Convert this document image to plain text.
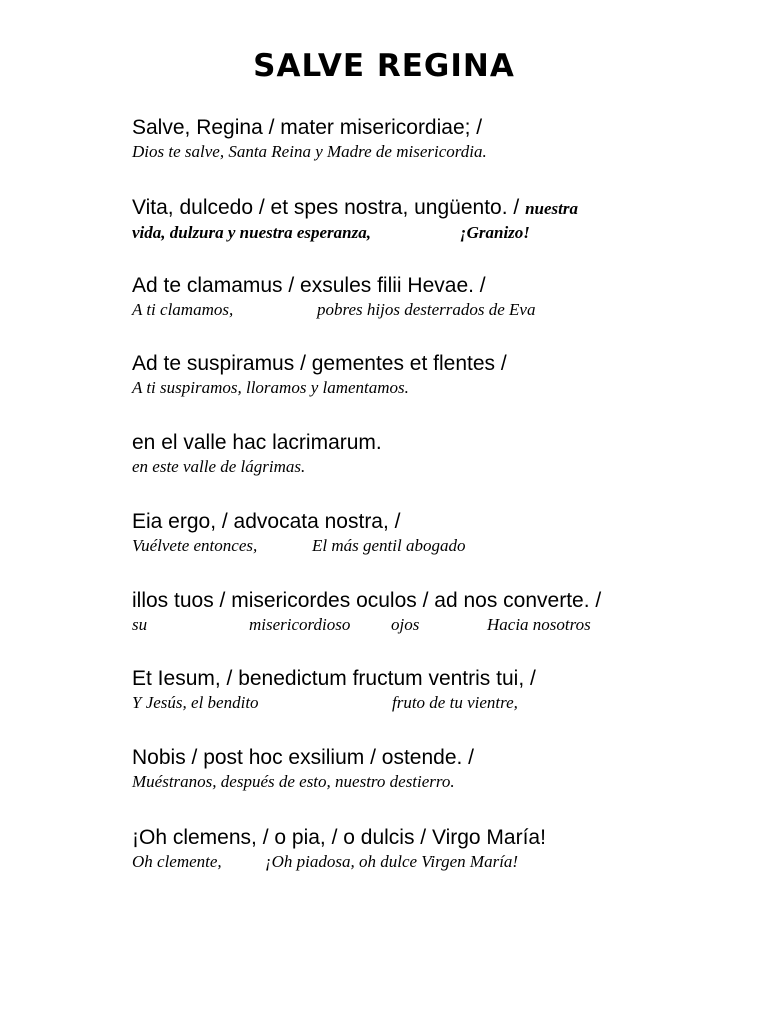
SALVE REGINA
Salve, Regina / mater misericordiae; /
Dios te salve, Santa Reina y Madre de misericordia.
Vita, dulcedo / et spes nostra, ungüento. / nuestra
vida, dulzura y nuestra esperanza,	¡Granizo!
Ad te clamamus / exsules filii Hevae. /
A ti clamamos,	pobres hijos desterrados de Eva
Ad te suspiramus / gementes et flentes /
A ti suspiramos, lloramos y lamentamos.
en el valle hac lacrimarum.
en este valle de lágrimas.
Eia ergo, / advocata nostra, /
Vuélvete entonces,	El más gentil abogado
illos tuos / misericordes oculos / ad nos converte. /
su	misericordioso ojos	Hacia nosotros
Et Iesum, / benedictum fructum ventris tui, /
Y Jesús, el bendito	fruto de tu vientre,
Nobis / post hoc exsilium / ostende. /
Muéstranos, después de esto, nuestro destierro.
¡Oh clemens, / o pia, / o dulcis / Virgo María!
Oh clemente,	¡Oh piadosa, oh dulce Virgen María!
